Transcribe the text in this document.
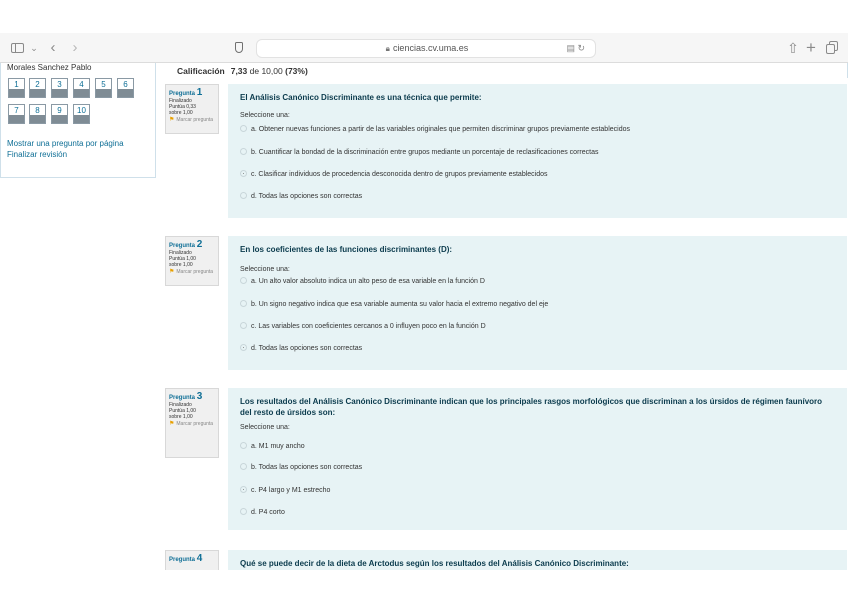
⌄ ‹	›	🔒︎ ciencias.cv.uma.es	▤ ↻	⇧ +
Morales Sanchez Pablo
1	2	3	4	5	6
7	8	9	10
Mostrar una pregunta por página
Finalizar revisión
Calificación 7,33 de 10,00 (73%)
Pregunta 1
Finalizado
Puntúa 0,33
sobre 1,00
⚑ Marcar pregunta
El Análisis Canónico Discriminante es una técnica que permite:
Seleccione una:
a. Obtener nuevas funciones a partir de las variables originales que permiten discriminar grupos previamente establecidos
b. Cuantificar la bondad de la discriminación entre grupos mediante un porcentaje de reclasificaciones correctas
c. Clasificar individuos de procedencia desconocida dentro de grupos previamente establecidos
d. Todas las opciones son correctas
Pregunta 2
Finalizado
Puntúa 1,00
sobre 1,00
⚑ Marcar pregunta
En los coeficientes de las funciones discriminantes (D):
Seleccione una:
a. Un alto valor absoluto indica un alto peso de esa variable en la función D
b. Un signo negativo indica que esa variable aumenta su valor hacia el extremo negativo del eje
c. Las variables con coeficientes cercanos a 0 influyen poco en la función D
d. Todas las opciones son correctas
Pregunta 3
Finalizado
Puntúa 1,00
sobre 1,00
⚑ Marcar pregunta
Los resultados del Análisis Canónico Discriminante indican que los principales rasgos morfológicos que discriminan a los úrsidos de régimen faunívoro del resto de úrsidos son:
Seleccione una:
a. M1 muy ancho
b. Todas las opciones son correctas
c. P4 largo y M1 estrecho
d. P4 corto
Pregunta 4	Qué se puede decir de la dieta de Arctodus según los resultados del Análisis Canónico Discriminante:
